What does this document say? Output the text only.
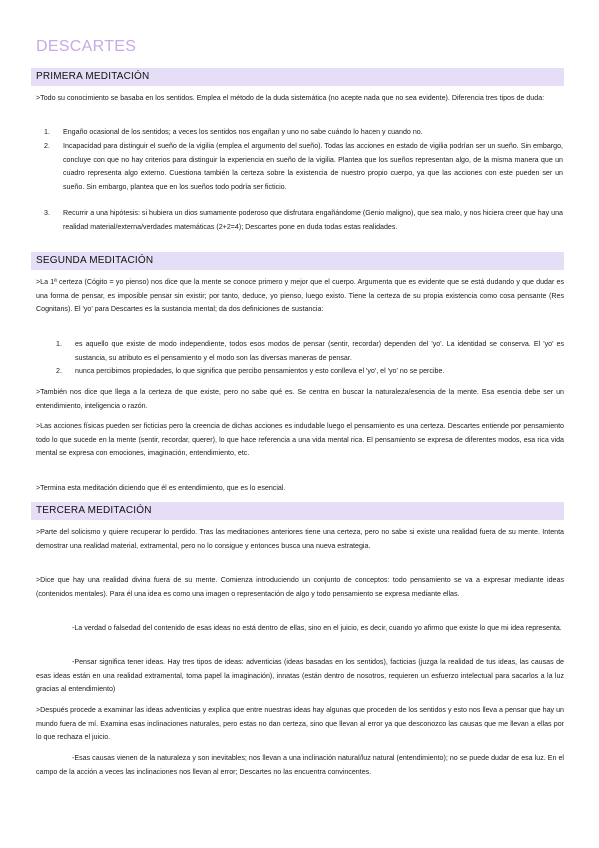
DESCARTES
PRIMERA MEDITACIÓN

>Todo su conocimiento se basaba en los sentidos. Emplea el método de la duda sistemática (no acepte nada que no sea evidente). Diferencia tres tipos de duda:

1. Engaño ocasional de los sentidos; a veces los sentidos nos engañan y uno no sabe cuándo lo hacen y cuando no.

2. Incapacidad para distinguir el sueño de la vigilia (emplea el argumento del sueño). Todas las acciones en estado de vigilia podrían ser un sueño. Sin embargo, concluye con que no hay criterios para distinguir la experiencia en sueño de la vigilia. Plantea que los sueños representan algo, de la misma manera que un cuadro representa algo externo. Cuestiona también la certeza sobre la existencia de nuestro propio cuerpo, ya que las acciones con este pueden ser un sueño. Sin embargo, plantea que en los sueños todo podría ser ficticio.

3. Recurrir a una hipótesis: si hubiera un dios sumamente poderoso que disfrutara engañándome (Genio maligno), que sea malo, y nos hiciera creer que hay una realidad material/externa/verdades matemáticas (2+2=4); Descartes pone en duda todas estas realidades.

SEGUNDA MEDITACIÓN

>La 1ª certeza (Cógito = yo pienso) nos dice que la mente se conoce primero y mejor que el cuerpo. Argumenta que es evidente que se está dudando y que dudar es una forma de pensar, es imposible pensar sin existir; por tanto, deduce, yo pienso, luego existo. Tiene la certeza de su propia existencia como cosa pensante (Res Cognitans). El 'yo' para Descartes es la sustancia mental; da dos definiciones de sustancia:

1. es aquello que existe de modo independiente, todos esos modos de pensar (sentir, recordar) dependen del 'yo'. La identidad se conserva. El 'yo' es sustancia, su atributo es el pensamiento y el modo son las diversas maneras de pensar.

2. nunca percibimos propiedades, lo que significa que percibo pensamientos y esto conlleva el 'yo', el 'yo' no se percibe.

>También nos dice que llega a la certeza de que existe, pero no sabe qué es. Se centra en buscar la naturaleza/esencia de la mente. Esa esencia debe ser un entendimiento, inteligencia o razón.

>Las acciones físicas pueden ser ficticias pero la creencia de dichas acciones es indudable luego el pensamiento es una certeza. Descartes entiende por pensamiento todo lo que sucede en la mente (sentir, recordar, querer), lo que hace referencia a una vida mental rica. El pensamiento se expresa de diferentes modos, esa rica vida mental se expresa con emociones, imaginación, entendimiento, etc.

>Termina esta meditación diciendo que él es entendimiento, que es lo esencial.

TERCERA MEDITACIÓN

>Parte del solicismo y quiere recuperar lo perdido. Tras las meditaciones anteriores tiene una certeza, pero no sabe si existe una realidad fuera de su mente. Intenta demostrar una realidad material, extramental, pero no lo consigue y entonces busca una nueva estrategia.

>Dice que hay una realidad divina fuera de su mente. Comienza introduciendo un conjunto de conceptos: todo pensamiento se va a expresar mediante ideas (contenidos mentales). Para él una idea es como una imagen o representación de algo y todo pensamiento se expresa mediante ellas.

-La verdad o falsedad del contenido de esas ideas no está dentro de ellas, sino en el juicio, es decir, cuando yo afirmo que existe lo que mi idea representa.

-Pensar significa tener ideas. Hay tres tipos de ideas: adventicias (ideas basadas en los sentidos), facticias (juzga la realidad de tus ideas, las causas de esas ideas están en una realidad extramental, toma papel la imaginación), innatas (están dentro de nosotros, requieren un esfuerzo intelectual para sacarlos a la luz gracias al entendimiento)

>Después procede a examinar las ideas adventicias y explica que entre nuestras ideas hay algunas que proceden de los sentidos y esto nos lleva a pensar que hay un mundo fuera de mí. Examina esas inclinaciones naturales, pero estas no dan certeza, sino que llevan al error ya que desconozco las causas que me llevan a ellas por lo que rechaza el juicio.

-Esas causas vienen de la naturaleza y son inevitables; nos llevan a una inclinación natural/luz natural (entendimiento); no se puede dudar de esa luz. En el campo de la acción a veces las inclinaciones nos llevan al error; Descartes no las encuentra convincentes.
